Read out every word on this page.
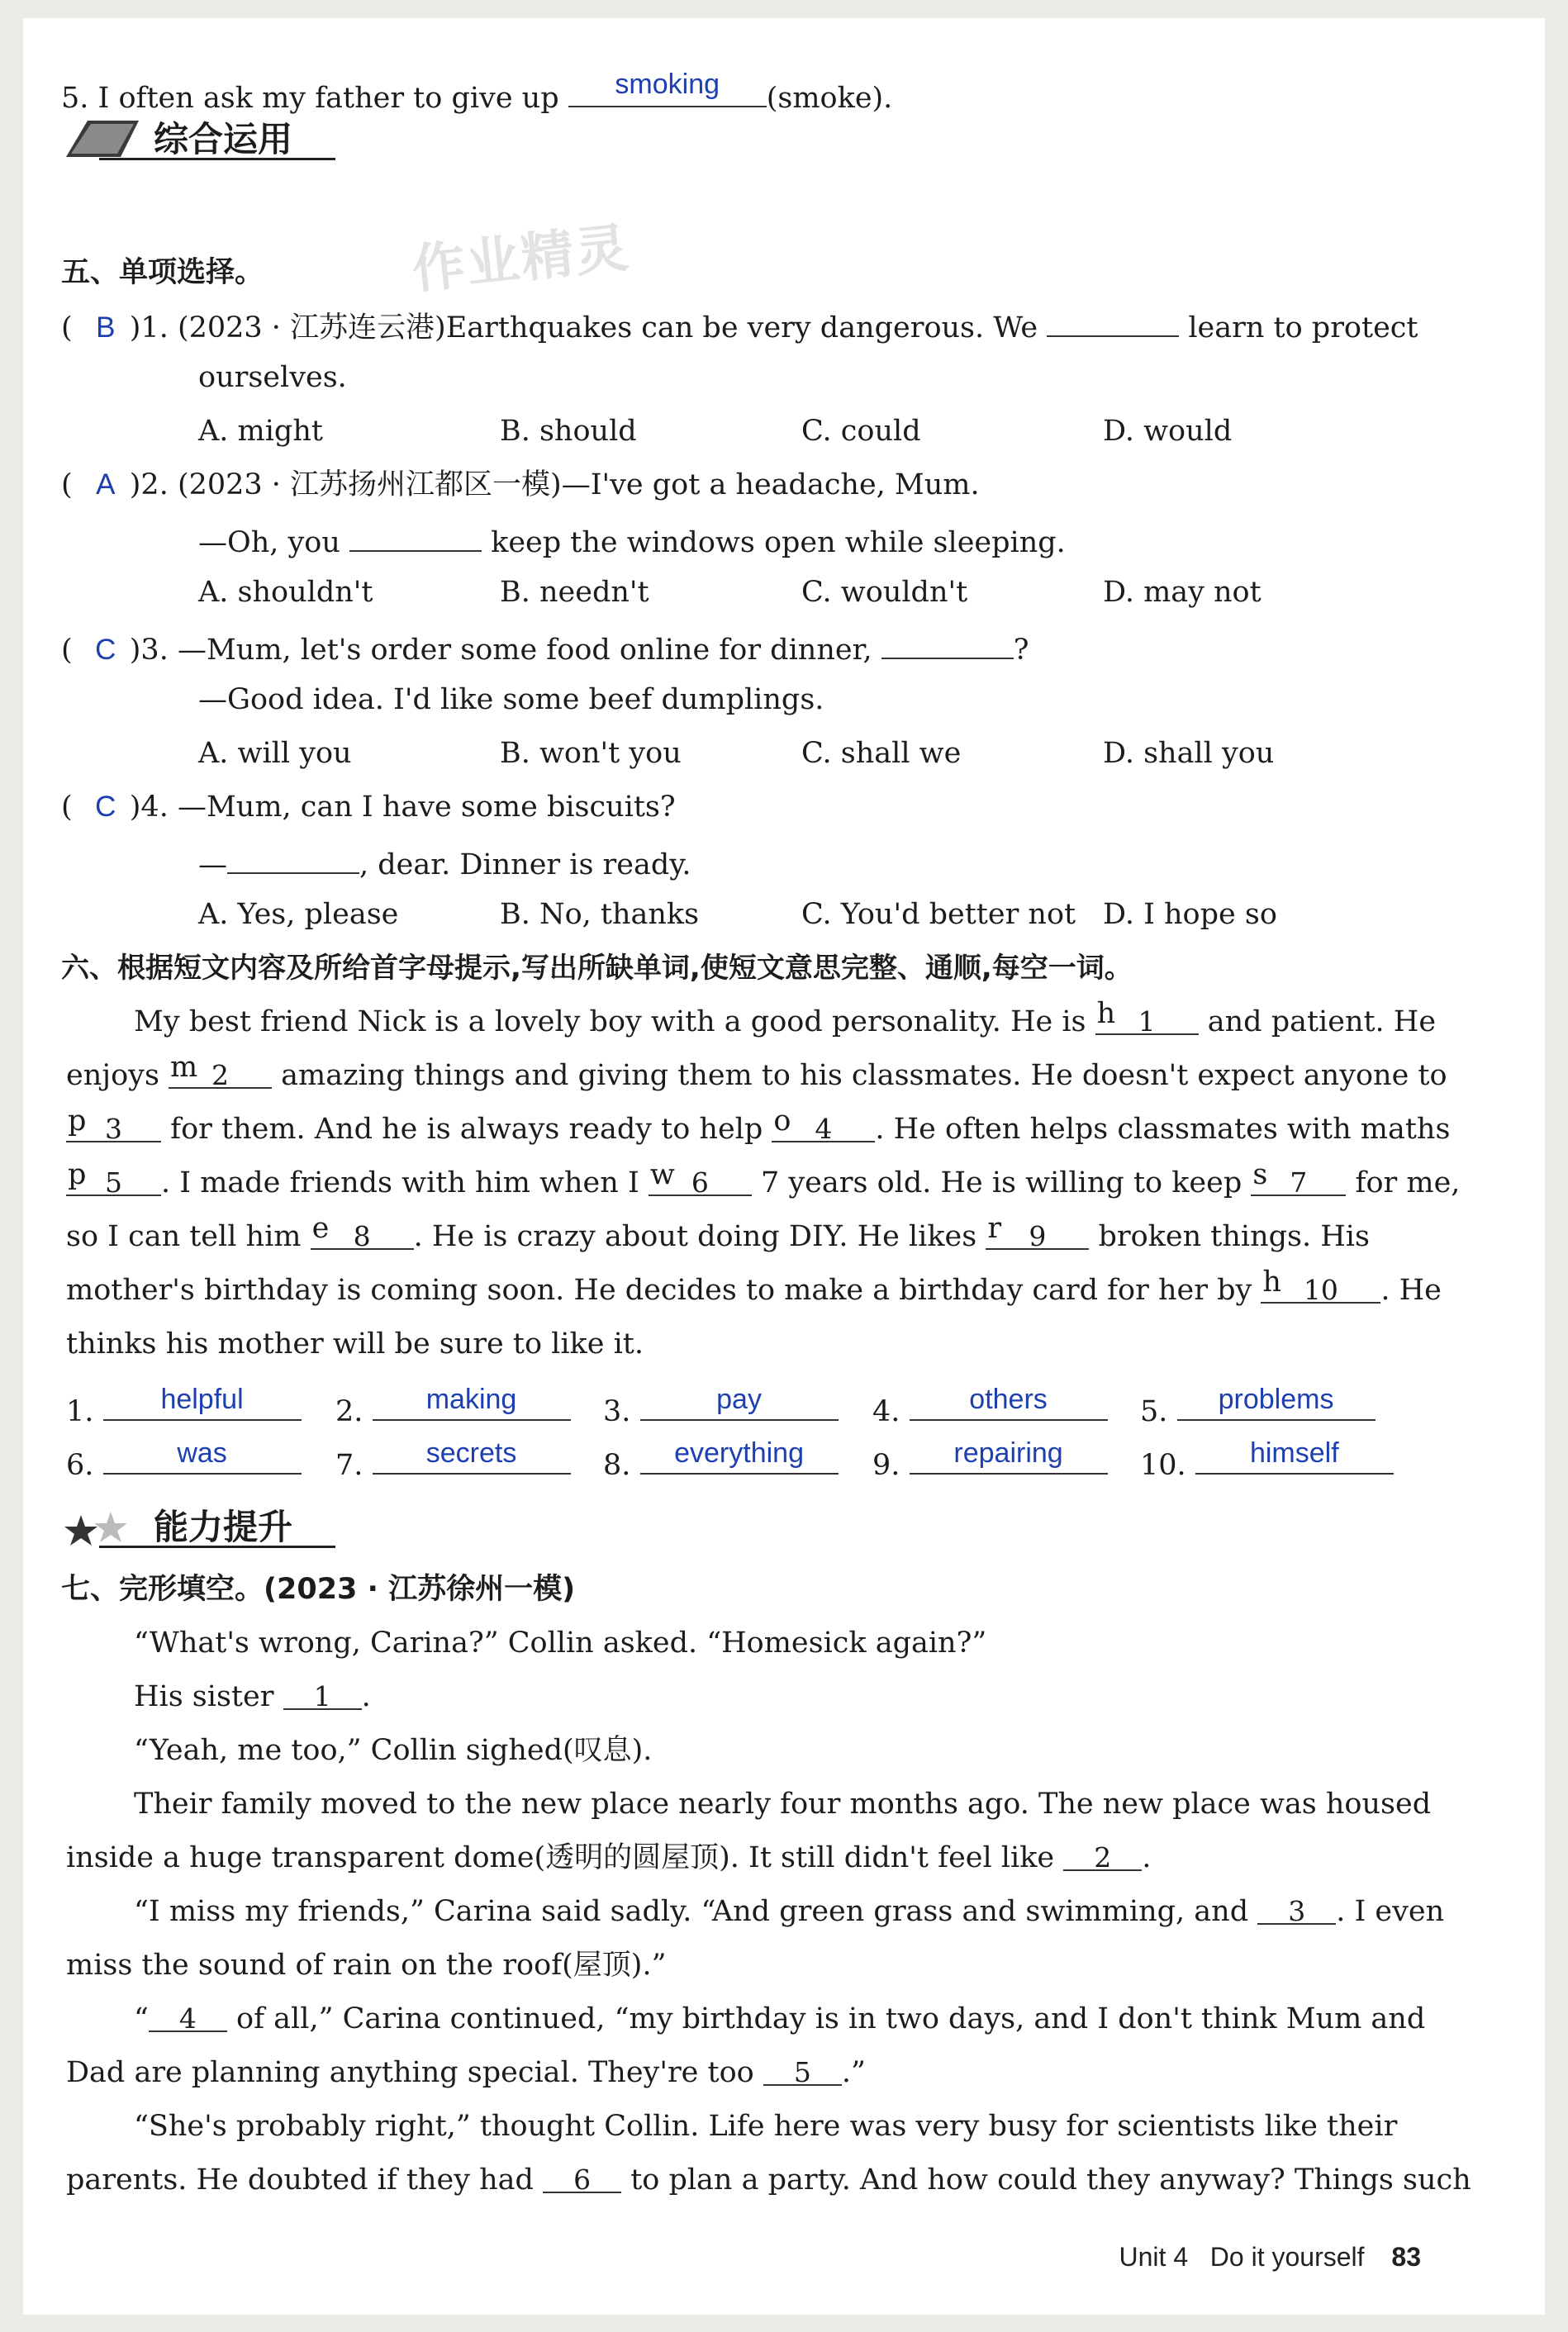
5. I often ask my father to give up	smoking	(smoke).
综合运用
作业精灵
五、单项选择。
( B )1. (2023 · 江苏连云港)Earthquakes can be very dangerous. We	learn to protect
ourselves.
A. might	B. should	C. could	D. would
( A )2. (2023 · 江苏扬州江都区一模)—I've got a headache, Mum.
—Oh, you	keep the windows open while sleeping.
A. shouldn't	B. needn't	C. wouldn't	D. may not
( C )3. —Mum, let's order some food online for dinner,	?
—Good idea. I'd like some beef dumplings.
A. will you	B. won't you	C. shall we	D. shall you
( C )4. —Mum, can I have some biscuits?
—	, dear. Dinner is ready.
A. Yes, please	B. No, thanks	C. You'd better not D. I hope so
六、根据短文内容及所给首字母提示,写出所缺单词,使短文意思完整、通顺,每空一词。
My best friend Nick is a lovely boy with a good personality. He is h 1 and patient. He
enjoys m 2 amazing things and giving them to his classmates. He doesn't expect anyone to
p 3 for them. And he is always ready to help o 4 . He often helps classmates with maths
p 5 . I made friends with him when I w 6 7 years old. He is willing to keep s 7 for me,
so I can tell him e 8 . He is crazy about doing DIY. He likes r 9 broken things. His
mother's birthday is coming soon. He decides to make a birthday card for her by h 10 . He
thinks his mother will be sure to like it.
1.	helpful	2.	making	3.	pay	4.	others	5.	problems
6.	was	7.	secrets	8.	everything	9.	repairing	10.	himself
能力提升
七、完形填空。(2023 · 江苏徐州一模)
“What's wrong, Carina?” Collin asked. “Homesick again?”
His sister 1 .
“Yeah, me too,” Collin sighed(叹息).
Their family moved to the new place nearly four months ago. The new place was housed
inside a huge transparent dome(透明的圆屋顶). It still didn't feel like 2 .
“I miss my friends,” Carina said sadly. “And green grass and swimming, and 3 . I even
miss the sound of rain on the roof(屋顶).”
“ 4 of all,” Carina continued, “my birthday is in two days, and I don't think Mum and
Dad are planning anything special. They're too 5 .”
“She's probably right,” thought Collin. Life here was very busy for scientists like their
parents. He doubted if they had 6 to plan a party. And how could they anyway? Things such
Unit 4 Do it yourself 83
